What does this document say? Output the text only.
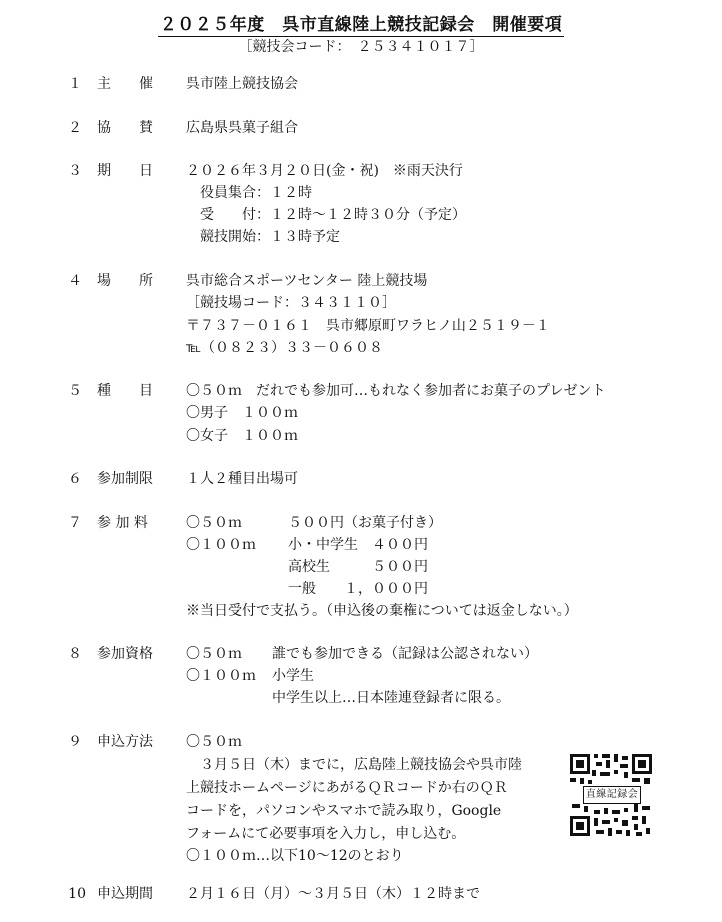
２０２５年度　呉市直線陸上競技記録会　開催要項
［競技会コード：　２５３４１０１７］
１ 主　　催 呉市陸上競技協会
２ 協　　賛 広島県呉菓子組合
３ 期　　日 ２０２６年３月２０日(金・祝)　※雨天決行
役員集合：１２時
受　　付：１２時～１２時３０分（予定）
競技開始：１３時予定
４ 場　　所 呉市総合スポーツセンター 陸上競技場
［競技場コード：３４３１１０］
〒７３７－０１６１　呉市郷原町ワラヒノ山２５１９－１
℡（０８２３）３３－０６０８
５ 種　　目 〇５０ｍ　だれでも参加可…もれなく参加者にお菓子のプレゼント
〇男子　１００ｍ
〇女子　１００ｍ
６ 参加制限 １人２種目出場可
７ 参 加 料	〇５０ｍ	５００円（お菓子付き）
〇１００ｍ 小・中学生　４００円
高校生　　　５００円
一般　　１，０００円
※当日受付で支払う。（申込後の棄権については返金しない。）
８ 参加資格 〇５０ｍ 誰でも参加できる（記録は公認されない）
〇１００ｍ 小学生
中学生以上…日本陸連登録者に限る。
９ 申込方法 〇５０ｍ
３月５日（木）までに，広島陸上競技協会や呉市陸
上競技ホームページにあがるＱＲコードか右のＱＲ
コードを，パソコンやスマホで読み取り，Google
フォームにて必要事項を入力し，申し込む。
〇１００ｍ…以下10～12のとおり
10 申込期間 ２月１６日（月）～３月５日（木）１２時まで
直線記録会
